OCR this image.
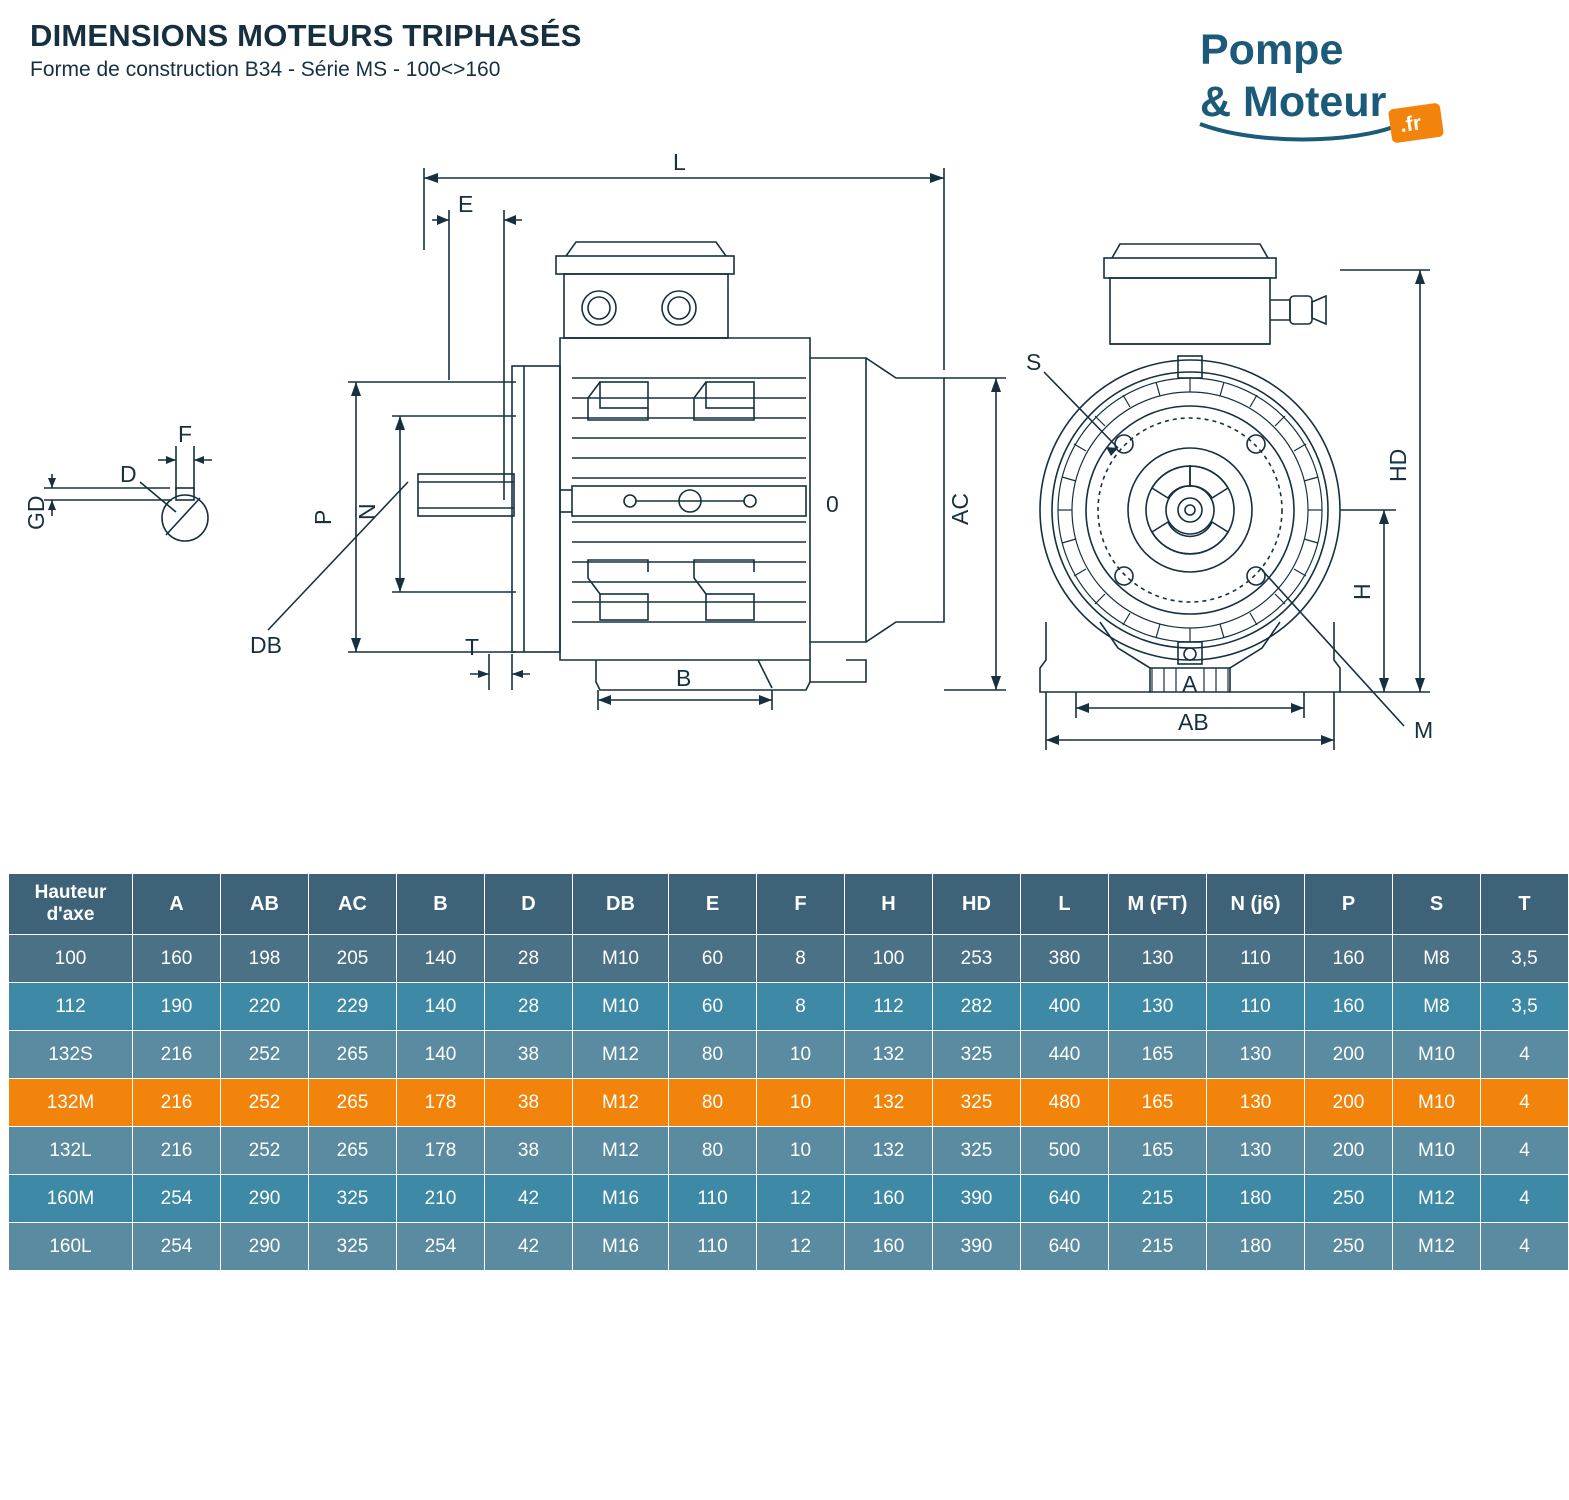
DIMENSIONS MOTEURS TRIPHASÉS
Forme de construction B34 - Série MS - 100<>160	Pompe
& Moteur .fr
L
E
P N
T
B
AC
DB
F
D
GD	0
S
HD
H
A
AB	M
Hauteur
d'axe	A	AB	AC	B	D	DB	E	F	H	HD	L	M (FT)	N (j6)	P	S	T
100	160	198	205	140	28	M10	60	8	100	253	380	130	110	160	M8	3,5
112	190	220	229	140	28	M10	60	8	112	282	400	130	110	160	M8	3,5
132S	216	252	265	140	38	M12	80	10	132	325	440	165	130	200	M10	4
132M	216	252	265	178	38	M12	80	10	132	325	480	165	130	200	M10	4
132L	216	252	265	178	38	M12	80	10	132	325	500	165	130	200	M10	4
160M	254	290	325	210	42	M16	110	12	160	390	640	215	180	250	M12	4
160L	254	290	325	254	42	M16	110	12	160	390	640	215	180	250	M12	4
